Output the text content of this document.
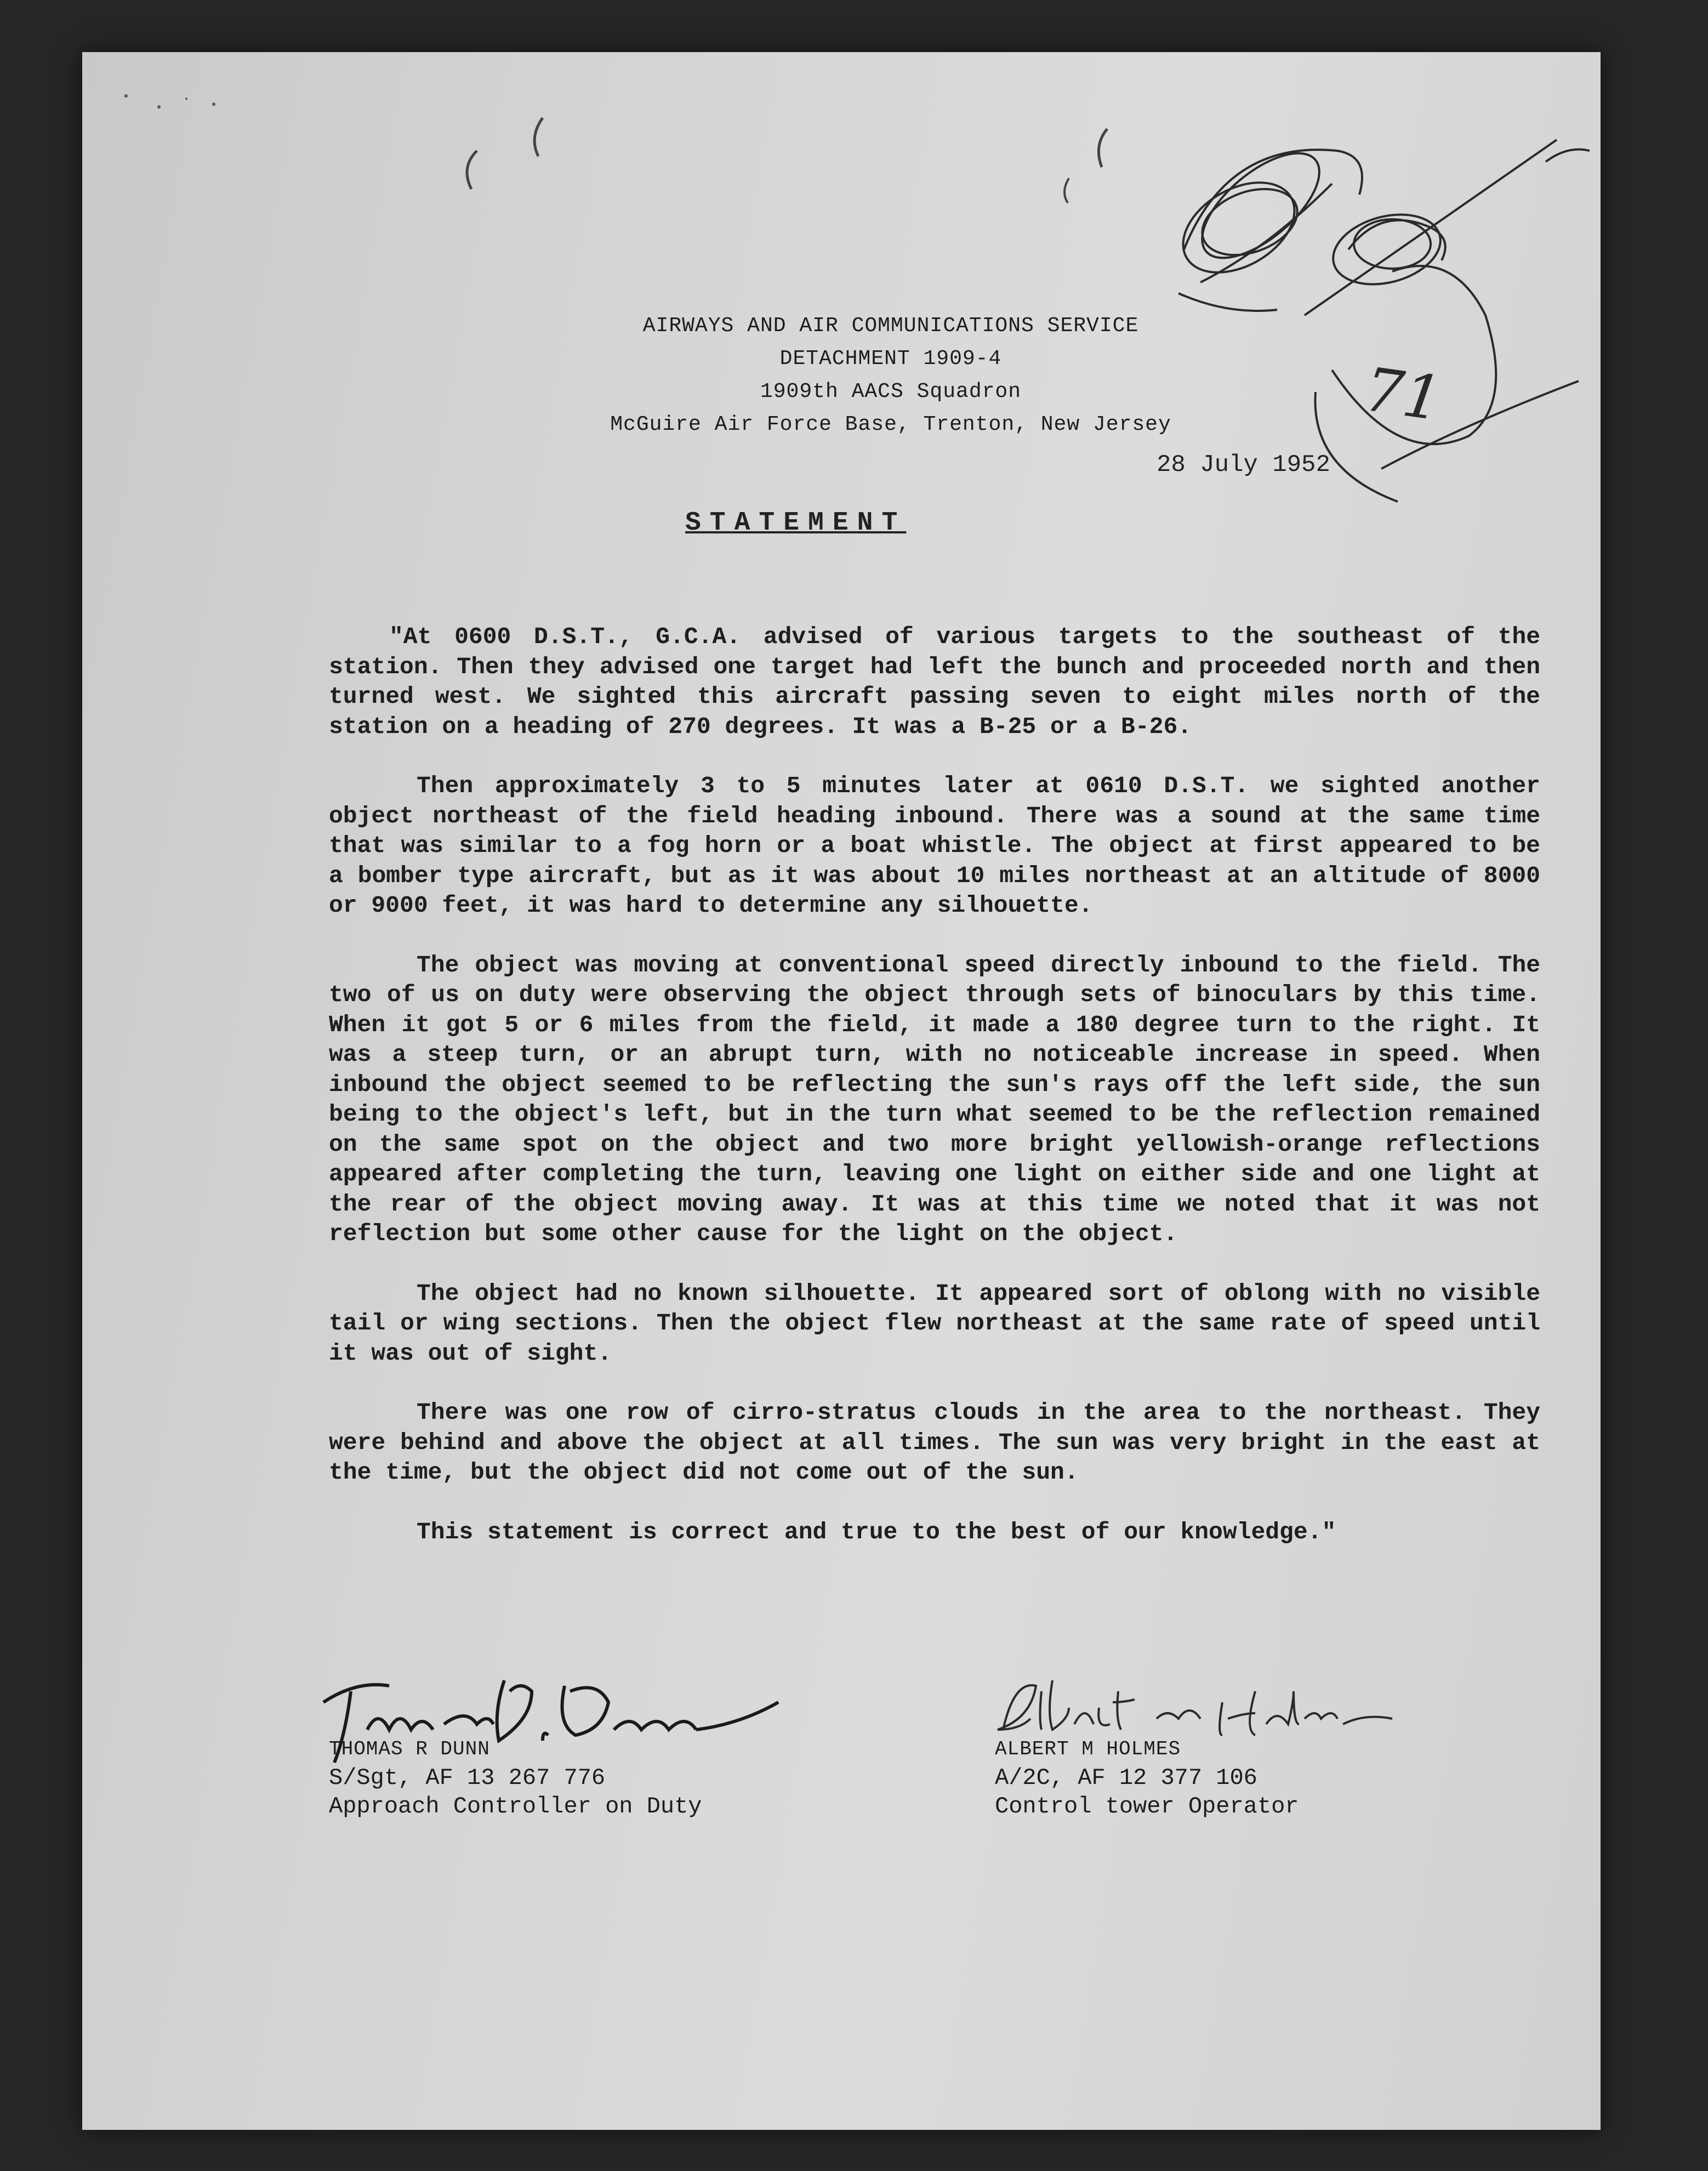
71
AIRWAYS AND AIR COMMUNICATIONS SERVICE
DETACHMENT 1909-4
1909th AACS Squadron
McGuire Air Force Base, Trenton, New Jersey
28 July 1952
STATEMENT

"At 0600 D.S.T., G.C.A. advised of various targets to the southeast of the station. Then they advised one target had left the bunch and proceeded north and then turned west. We sighted this aircraft passing seven to eight miles north of the station on a heading of 270 degrees. It was a B-25 or a B-26.

Then approximately 3 to 5 minutes later at 0610 D.S.T. we sighted another object northeast of the field heading inbound. There was a sound at the same time that was similar to a fog horn or a boat whistle. The object at first appeared to be a bomber type aircraft, but as it was about 10 miles northeast at an altitude of 8000 or 9000 feet, it was hard to determine any silhouette.

The object was moving at conventional speed directly inbound to the field. The two of us on duty were observing the object through sets of binoculars by this time. When it got 5 or 6 miles from the field, it made a 180 degree turn to the right. It was a steep turn, or an abrupt turn, with no noticeable increase in speed. When inbound the object seemed to be reflecting the sun's rays off the left side, the sun being to the object's left, but in the turn what seemed to be the reflection remained on the same spot on the object and two more bright yellowish-orange reflections appeared after completing the turn, leaving one light on either side and one light at the rear of the object moving away. It was at this time we noted that it was not reflection but some other cause for the light on the object.

The object had no known silhouette. It appeared sort of oblong with no visible tail or wing sections. Then the object flew northeast at the same rate of speed until it was out of sight.

There was one row of cirro-stratus clouds in the area to the northeast. They were behind and above the object at all times. The sun was very bright in the east at the time, but the object did not come out of the sun.

This statement is correct and true to the best of our knowledge."

THOMAS R DUNN
S/Sgt, AF 13 267 776
Approach Controller on Duty
ALBERT M HOLMES
A/2C, AF 12 377 106
Control tower Operator
